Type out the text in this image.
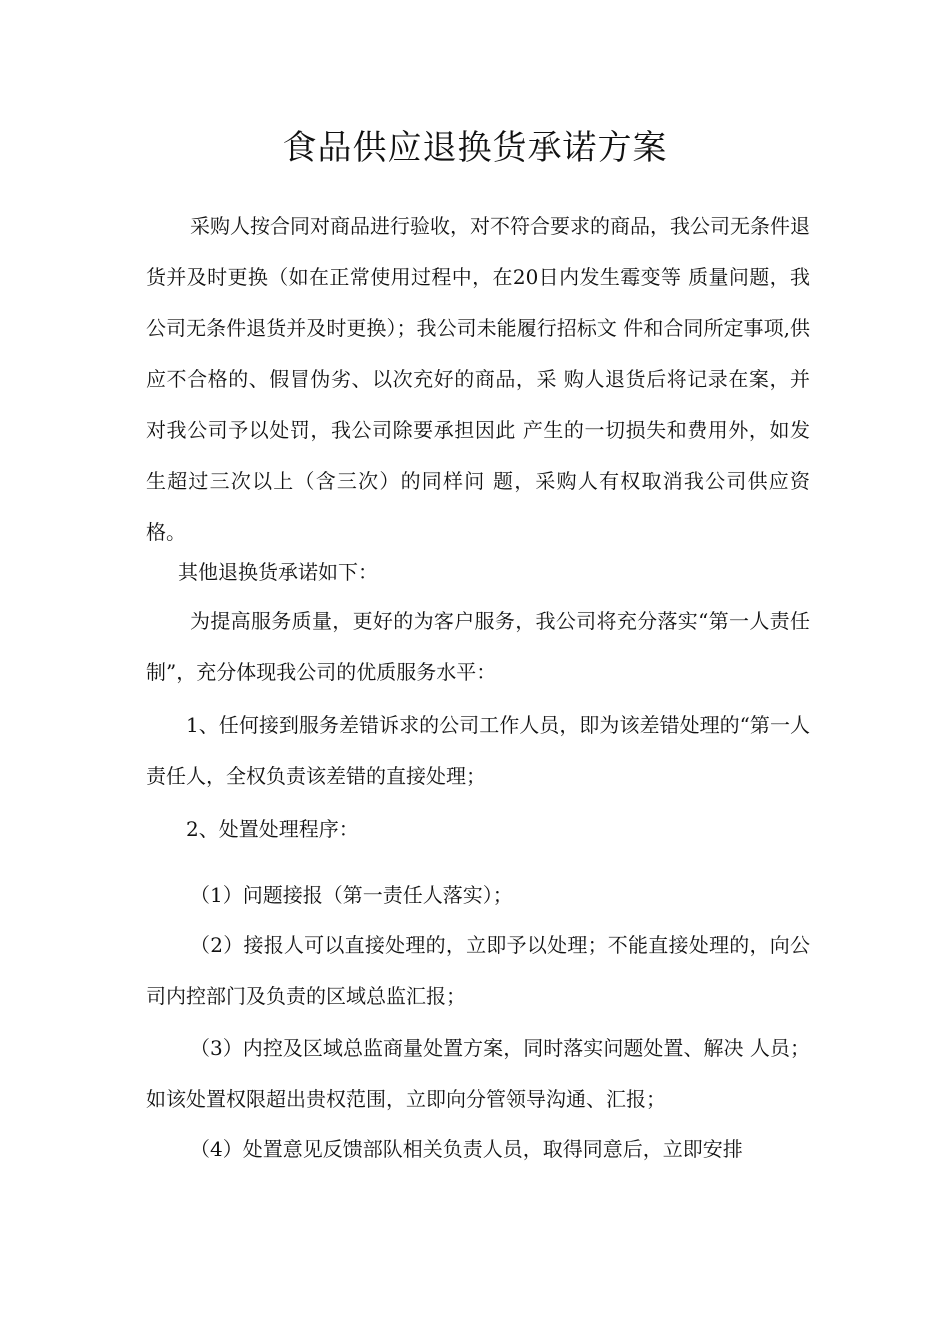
食品供应退换货承诺方案
采购人按合同对商品进行验收，对不符合要求的商品，我公司无条件退货并及时更换（如在正常使用过程中，在20日内发生霉变等 质量问题，我公司无条件退货并及时更换）；我公司未能履行招标文 件和合同所定事项,供应不合格的、假冒伪劣、以次充好的商品，采 购人退货后将记录在案，并对我公司予以处罚，我公司除要承担因此 产生的一切损失和费用外，如发生超过三次以上（含三次）的同样问 题，采购人有权取消我公司供应资格。
其他退换货承诺如下：
为提高服务质量，更好的为客户服务，我公司将充分落实“第一人责任制”，充分体现我公司的优质服务水平：
1、任何接到服务差错诉求的公司工作人员，即为该差错处理的“第一人责任人，全权负责该差错的直接处理；
2、处置处理程序：
（1）问题接报（第一责任人落实）；
（2）接报人可以直接处理的，立即予以处理；不能直接处理的，向公司内控部门及负责的区域总监汇报；
（3）内控及区域总监商量处置方案，同时落实问题处置、解决 人员；如该处置权限超出贵权范围，立即向分管领导沟通、汇报；
（4）处置意见反馈部队相关负责人员，取得同意后，立即安排
